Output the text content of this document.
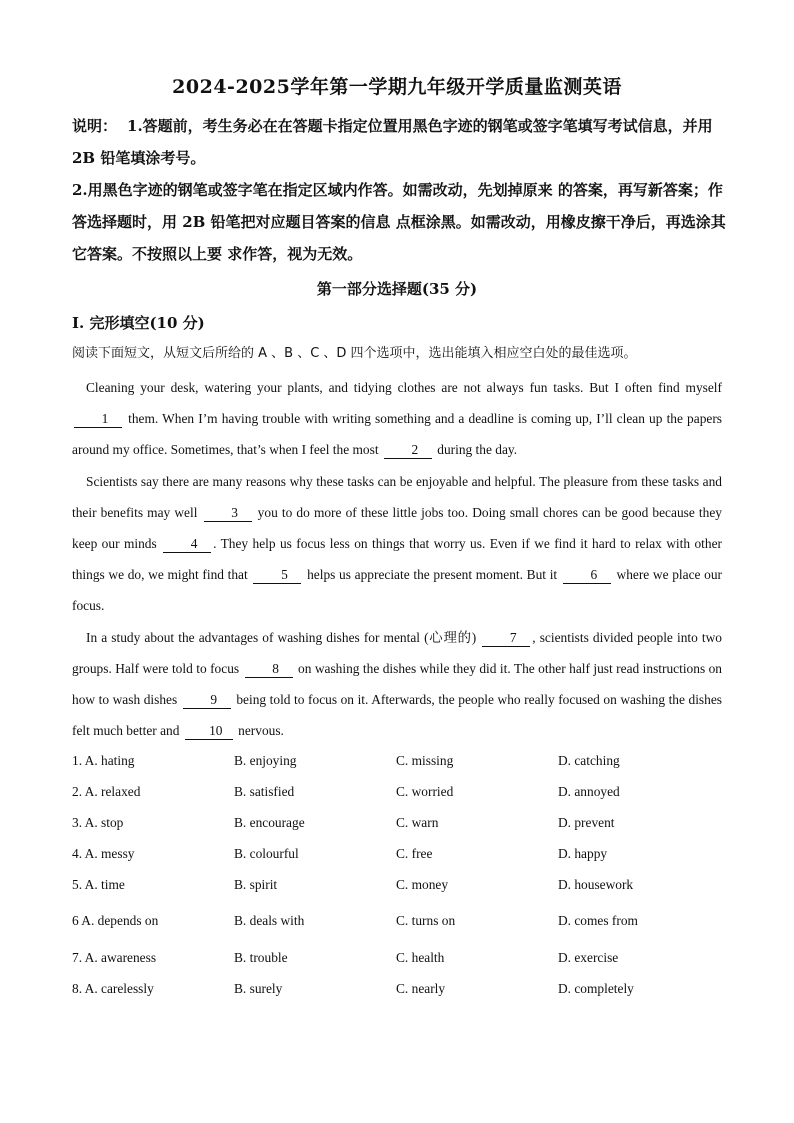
2024-2025学年第一学期九年级开学质量监测英语
说明： 1.答题前，考生务必在在答题卡指定位置用黑色字迹的钢笔或签字笔填写考试信息，并用 2B 铅笔填涂考号。
2.用黑色字迹的钢笔或签字笔在指定区域内作答。如需改动，先划掉原来 的答案，再写新答案；作答选择题时，用 2B 铅笔把对应题目答案的信息 点框涂黑。如需改动，用橡皮擦干净后，再选涂其它答案。不按照以上要 求作答，视为无效。
第一部分选择题(35 分)
I. 完形填空(10 分)
阅读下面短文，从短文后所给的 A 、B 、C 、D 四个选项中，选出能填入相应空白处的最佳选项。

Cleaning your desk, watering your plants, and tidying clothes are not always fun tasks. But I often find myself 1 them. When I’m having trouble with writing something and a deadline is coming up, I’ll clean up the papers around my office. Sometimes, that’s when I feel the most 2 during the day.

Scientists say there are many reasons why these tasks can be enjoyable and helpful. The pleasure from these tasks and their benefits may well 3 you to do more of these little jobs too. Doing small chores can be good because they keep our minds 4 . They help us focus less on things that worry us. Even if we find it hard to relax with other things we do, we might find that 5 helps us appreciate the present moment. But it 6 where we place our focus.

In a study about the advantages of washing dishes for mental (心理的) 7 , scientists divided people into two groups. Half were told to focus 8 on washing the dishes while they did it. The other half just read instructions on how to wash dishes 9 being told to focus on it. Afterwards, the people who really focused on washing the dishes felt much better and 10 nervous.

1. A. hating	B. enjoying	C. missing	D. catching
2. A. relaxed	B. satisfied	C. worried	D. annoyed
3. A. stop	B. encourage	C. warn	D. prevent
4. A. messy	B. colourful	C. free	D. happy
5. A. time	B. spirit	C. money	D. housework
6 A. depends on	B. deals with	C. turns on	D. comes from
7. A. awareness	B. trouble	C. health	D. exercise
8. A. carelessly	B. surely	C. nearly	D. completely
